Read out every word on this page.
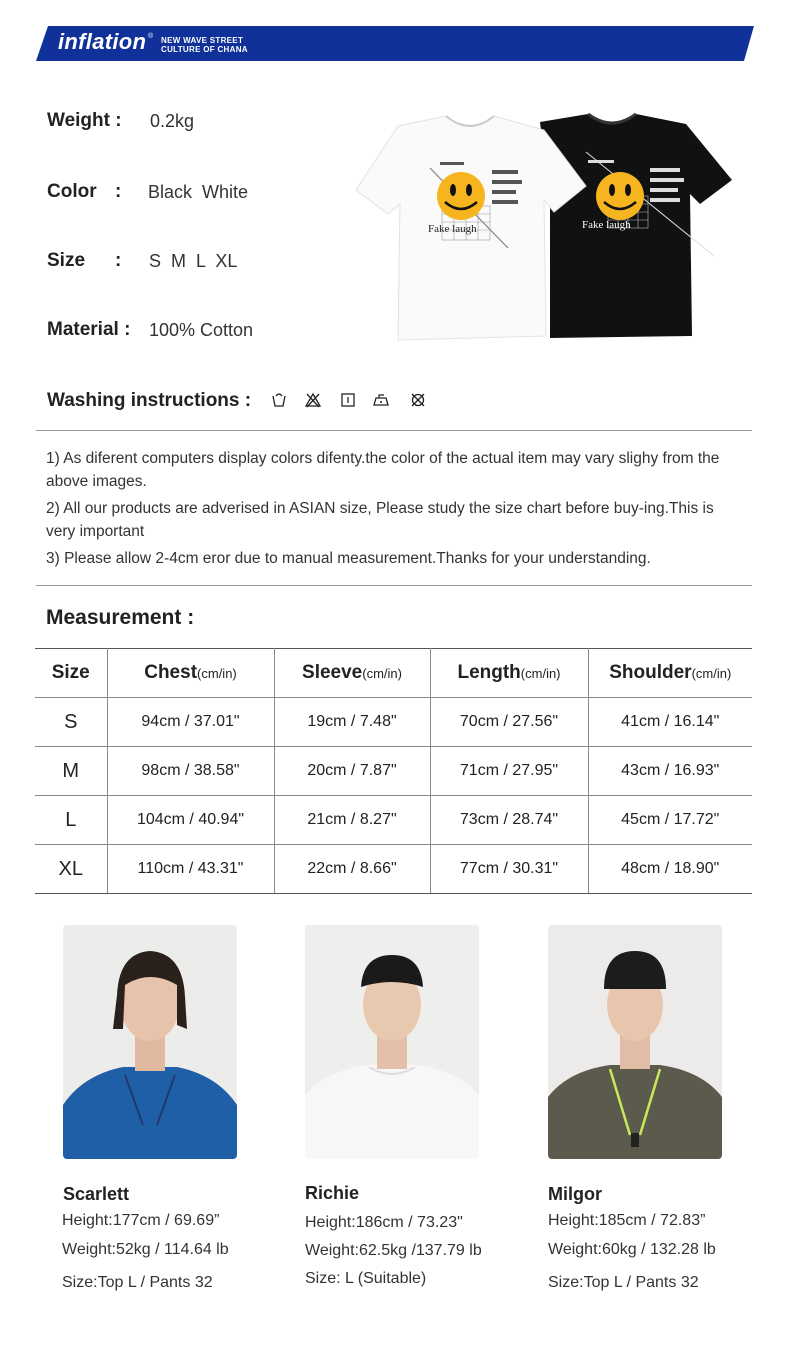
inflation ® NEW WAVE STREET
CULTURE OF CHANA
Weight : 0.2kg
Color : Black  White
Size : S  M  L  XL
Material : 100% Cotton
Fake laugh
Fake laugh
Washing instructions :
1) As diferent computers display colors difenty.the color of the actual item may vary slighy from the above images.
2) All our products are adverised in ASIAN size, Please study the size chart before buy-ing.This is very important
3) Please allow 2-4cm eror due to manual measurement.Thanks for your understanding.
Measurement :
Size	Chest(cm/in)	Sleeve(cm/in)	Length(cm/in)	Shoulder(cm/in)
S	94cm / 37.01"	19cm / 7.48"	70cm / 27.56"	41cm / 16.14"
M	98cm / 38.58"	20cm / 7.87"	71cm / 27.95"	43cm / 16.93"
L	104cm / 40.94"	21cm / 8.27"	73cm / 28.74"	45cm / 17.72"
XL	110cm / 43.31"	22cm / 8.66"	77cm / 30.31"	48cm / 18.90"
Scarlett
Height:177cm / 69.69”
Weight:52kg / 114.64 lb
Size:Top L / Pants 32
Richie
Height:186cm / 73.23"
Weight:62.5kg /137.79 lb
Size: L (Suitable)
Milgor
Height:185cm / 72.83”
Weight:60kg / 132.28 lb
Size:Top L / Pants 32
